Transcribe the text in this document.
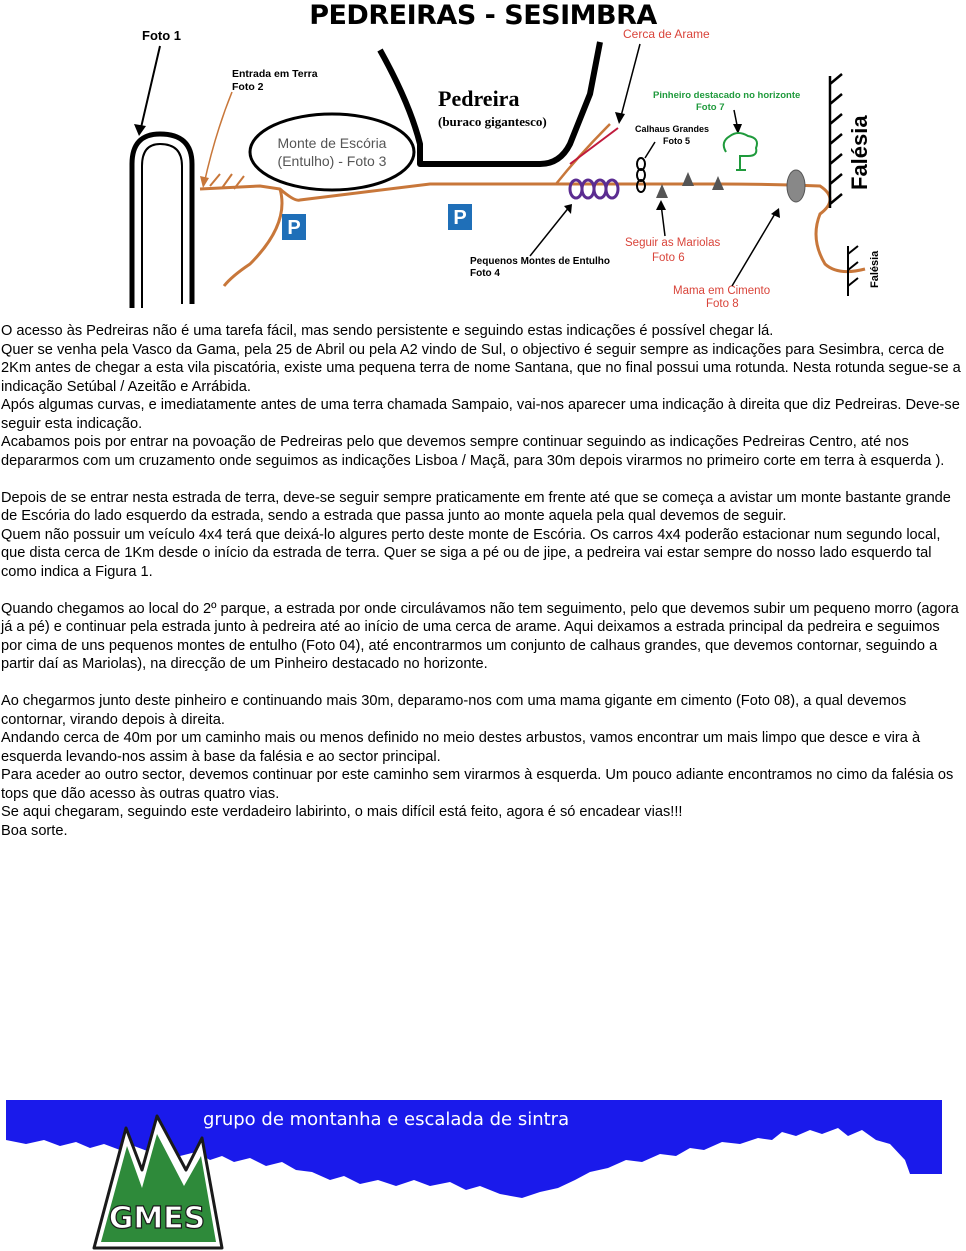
PEDREIRAS - SESIMBRA
Foto 1
Entrada em Terra
Foto 2
Monte de Escória
(Entulho) - Foto 3
Pedreira
(buraco gigantesco)
P	P
Cerca de Arame
Pequenos Montes de Entulho
Foto 4
Calhaus Grandes
Foto 5
Seguir as Mariolas
Foto 6
Pinheiro destacado no horizonte
Foto 7
Mama em Cimento
Foto 8
Falésia
Falésia

O acesso às Pedreiras não é uma tarefa fácil, mas sendo persistente e seguindo estas indicações é possível chegar lá.

Quer se venha pela Vasco da Gama, pela 25 de Abril ou pela A2 vindo de Sul, o objectivo é seguir sempre as indicações para Sesimbra, cerca de 2Km antes de chegar a esta vila piscatória, existe uma pequena terra de nome Santana, que no final possui uma rotunda. Nesta rotunda segue-se a indicação Setúbal / Azeitão e Arrábida.

Após algumas curvas, e imediatamente antes de uma terra chamada Sampaio, vai-nos aparecer uma indicação à direita que diz Pedreiras. Deve-se seguir esta indicação.

Acabamos pois por entrar na povoação de Pedreiras pelo que devemos sempre continuar seguindo as indicações Pedreiras Centro, até nos depararmos com um cruzamento onde seguimos as indicações Lisboa / Maçã, para 30m depois virarmos no primeiro corte em terra à esquerda ).

Depois de se entrar nesta estrada de terra, deve-se seguir sempre praticamente em frente até que se começa a avistar um monte bastante grande de Escória do lado esquerdo da estrada, sendo a estrada que passa junto ao monte aquela pela qual devemos de seguir.

Quem não possuir um veículo 4x4 terá que deixá-lo algures perto deste monte de Escória. Os carros 4x4 poderão estacionar num segundo local, que dista cerca de 1Km desde o início da estrada de terra. Quer se siga a pé ou de jipe, a pedreira vai estar sempre do nosso lado esquerdo tal como indica a Figura 1.

Quando chegamos ao local do 2º parque, a estrada por onde circulávamos não tem seguimento, pelo que devemos subir um pequeno morro (agora já a pé) e continuar pela estrada junto à pedreira até ao início de uma cerca de arame. Aqui deixamos a estrada principal da pedreira e seguimos por cima de uns pequenos montes de entulho (Foto 04), até encontrarmos um conjunto de calhaus grandes, que devemos contornar, seguindo a partir daí as Mariolas), na direcção de um Pinheiro destacado no horizonte.

Ao chegarmos junto deste pinheiro e continuando mais 30m, deparamo-nos com uma mama gigante em cimento (Foto 08), a qual devemos contornar, virando depois à direita.

Andando cerca de 40m por um caminho mais ou menos definido no meio destes arbustos, vamos encontrar um mais limpo que desce e vira à esquerda levando-nos assim à base da falésia e ao sector principal.

Para aceder ao outro sector, devemos continuar por este caminho sem virarmos à esquerda. Um pouco adiante encontramos no cimo da falésia os tops que dão acesso às outras quatro vias.

Se aqui chegaram, seguindo este verdadeiro labirinto, o mais difícil está feito, agora é só encadear vias!!!

Boa sorte.

grupo de montanha e escalada de sintra
GMES
